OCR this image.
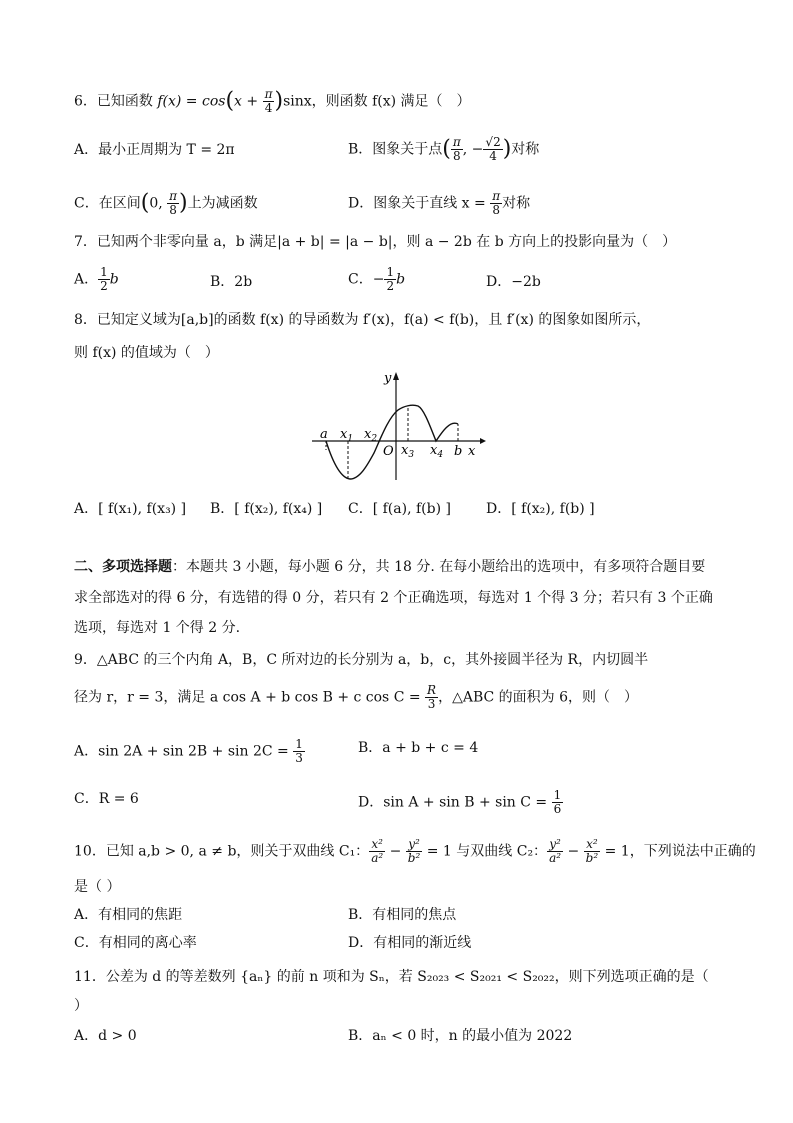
6．已知函数 $f(x) = \cos(x + \frac{\pi}{4} )\sin x$，则函数 f(x) 满足（　）
A．最小正周期为 T = 2π	B．图象关于点( $\frac{\pi}{8}$ , − $\frac{√2}{4}$ )对称
C．在区间(0, $\frac{\pi}{8}$ )上为减函数	D．图象关于直线 $x = \frac{\pi}{8}$ 对称
7．已知两个非零向量 a，b 满足|a + b| = |a − b|，则 a − 2b 在 b 方向上的投影向量为（　）
A． $\frac{1}{2}$ b	B．2b	C．− $\frac{1}{2}$ b	D．−2b
8．已知定义域为[a,b]的函数 f(x) 的导函数为 f′(x)，f(a) < f(b)，且 f′(x) 的图象如图所示，
则 f(x) 的值域为（　）
y
a $x_1$ $x_2$
O $x_3$ $x_4$ b x
A．[ f(x₁), f(x₃) ] B．[ f(x₂), f(x₄) ] C．[ f(a), f(b) ]	D．[ f(x₂), f(b) ]
二、多项选择题：本题共 3 小题，每小题 6 分，共 18 分. 在每小题给出的选项中，有多项符合题目要
求全部选对的得 6 分，有选错的得 0 分，若只有 2 个正确选项，每选对 1 个得 3 分；若只有 3 个正确
选项，每选对 1 个得 2 分.
9．△ABC 的三个内角 A，B，C 所对边的长分别为 a，b，c，其外接圆半径为 R，内切圆半
径为 r，r = 3，满足 a cos A + b cos B + c $\cos C = \frac{R}{3}$ ，△ABC 的面积为 6，则（　）
A．$\sin 2A + \sin 2B + \sin 2C = \frac{1}{3}$	B．a + b + c = 4
C．R = 6	D．$\sin A + \sin B + \sin C = \frac{1}{6}$
10．已知 a,b > 0, a ≠ b，则关于双曲线 C₁： $\frac{\text{x²}}{\text{a²}} - \frac{\text{y²}}{\text{b²}} = 1$ 与双曲线 C₂： $\frac{\text{y²}}{\text{a²}} - \frac{\text{x²}}{\text{b²}} = 1$，下列说法中正确的
是（ ）
A．有相同的焦距	B．有相同的焦点
C．有相同的离心率	D．有相同的渐近线
11．公差为 d 的等差数列 {aₙ} 的前 n 项和为 Sₙ，若 S₂₀₂₃ < S₂₀₂₁ < S₂₀₂₂，则下列选项正确的是（
）
A．d > 0	B．aₙ < 0 时，n 的最小值为 2022
